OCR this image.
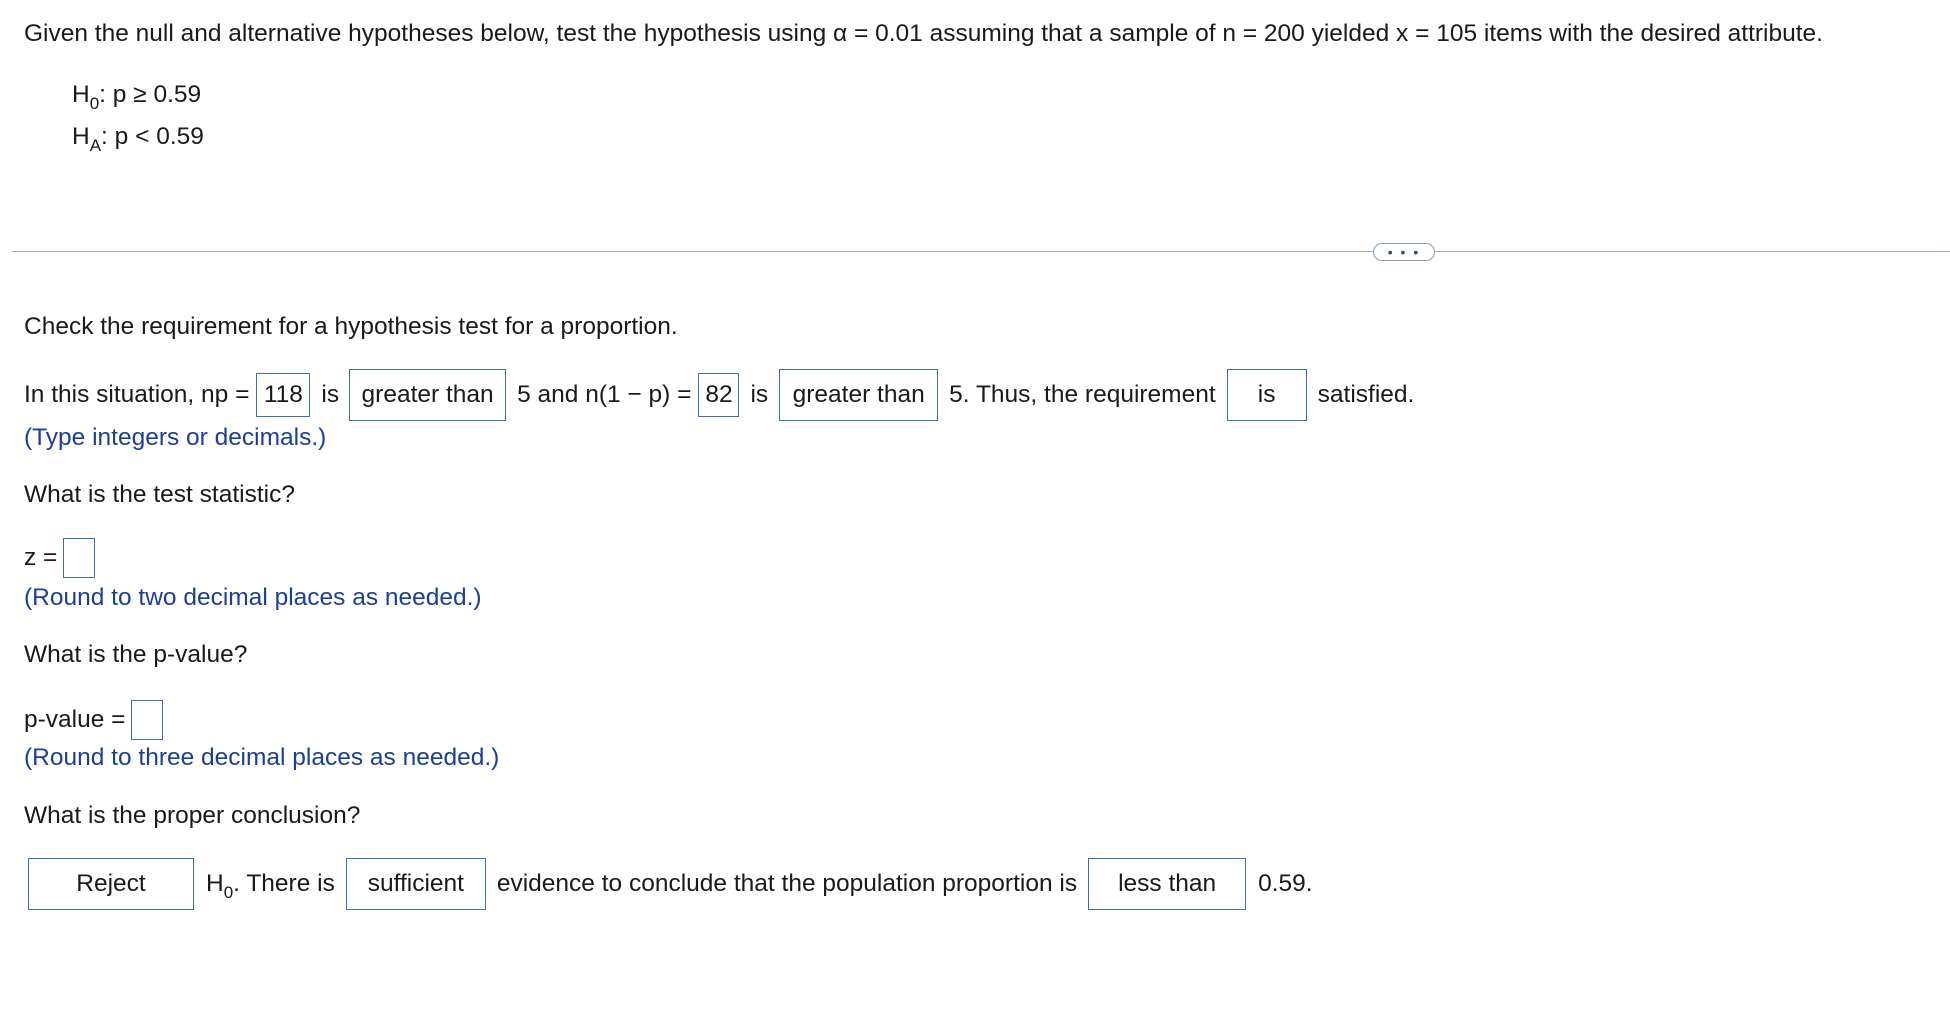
Given the null and alternative hypotheses below, test the hypothesis using α = 0.01 assuming that a sample of n = 200 yielded x = 105 items with the desired attribute.
$H_0$: p ≥ 0.59
$H_A$: p < 0.59
• • •
Check the requirement for a hypothesis test for a proportion.
In this situation, np = 118 is greater than 5 and n(1 − p) = 82 is greater than 5. Thus, the requirement	is	satisfied.
(Type integers or decimals.)
What is the test statistic?
z =
(Round to two decimal places as needed.)
What is the p-value?
p-value =
(Round to three decimal places as needed.)
What is the proper conclusion?
Reject	$H_0$ . There is	sufficient	evidence to conclude that the population proportion is	less than	0.59.
